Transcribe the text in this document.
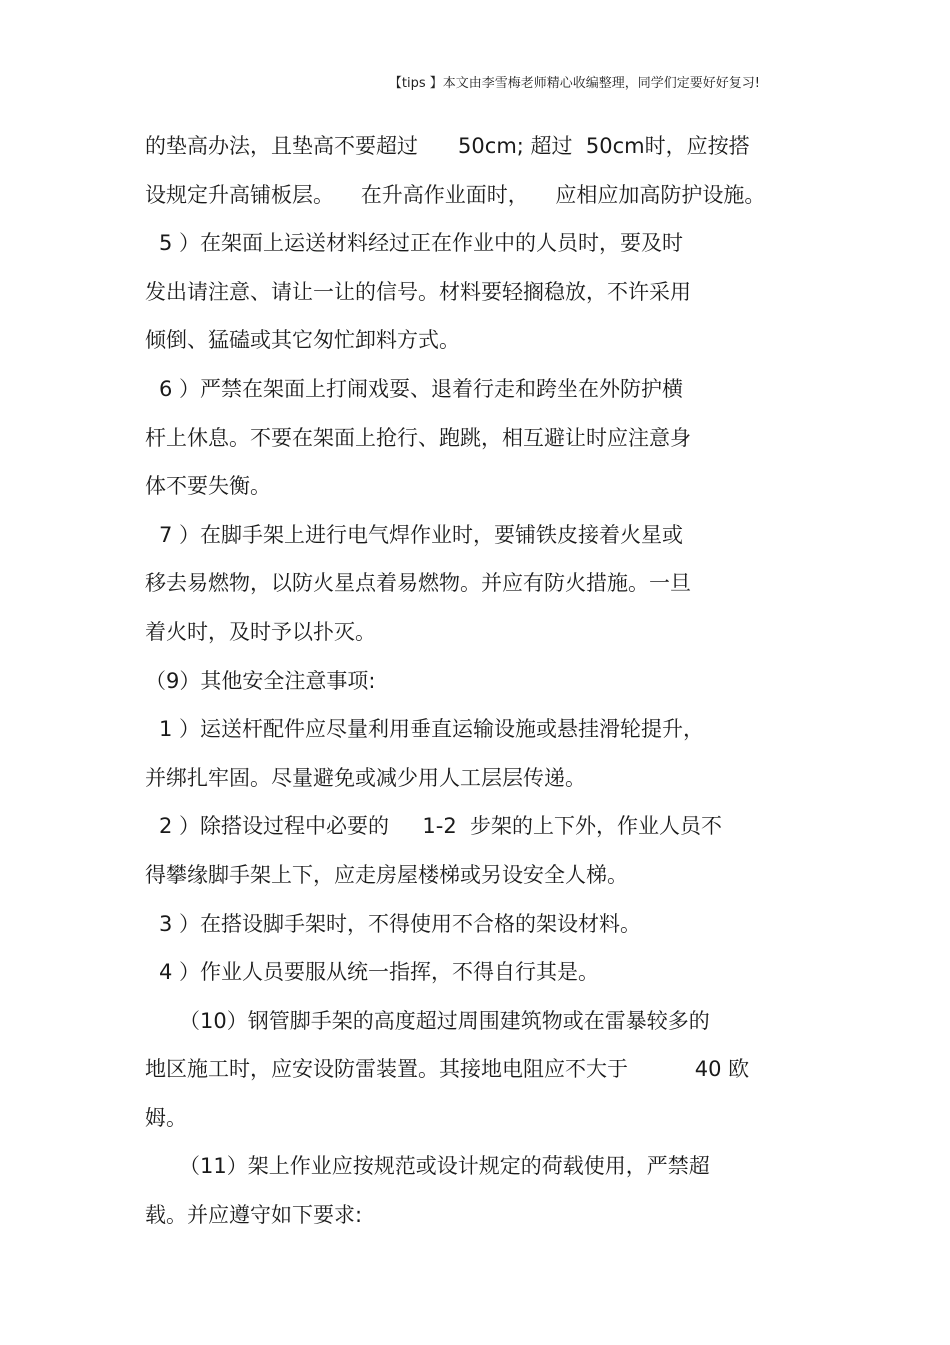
【tips 】本文由李雪梅老师精心收编整理，同学们定要好好复习!
的垫高办法，且垫高不要超过      50cm; 超过  50cm时，应按搭
设规定升高铺板层。    在升高作业面时，    应相应加高防护设施。
5 ）在架面上运送材料经过正在作业中的人员时，要及时
发出请注意、请让一让的信号。材料要轻搁稳放，不许采用
倾倒、猛磕或其它匆忙卸料方式。
6 ）严禁在架面上打闹戏耍、退着行走和跨坐在外防护横
杆上休息。不要在架面上抢行、跑跳，相互避让时应注意身
体不要失衡。
7 ）在脚手架上进行电气焊作业时，要铺铁皮接着火星或
移去易燃物，以防火星点着易燃物。并应有防火措施。一旦
着火时，及时予以扑灭。
（9）其他安全注意事项:
1 ）运送杆配件应尽量利用垂直运输设施或悬挂滑轮提升，
并绑扎牢固。尽量避免或减少用人工层层传递。
2 ）除搭设过程中必要的     1-2  步架的上下外，作业人员不
得攀缘脚手架上下，应走房屋楼梯或另设安全人梯。
3 ）在搭设脚手架时，不得使用不合格的架设材料。
4 ）作业人员要服从统一指挥，不得自行其是。
（10）钢管脚手架的高度超过周围建筑物或在雷暴较多的
地区施工时，应安设防雷装置。其接地电阻应不大于          40 欧
姆。
（11）架上作业应按规范或设计规定的荷载使用，严禁超
载。并应遵守如下要求:
